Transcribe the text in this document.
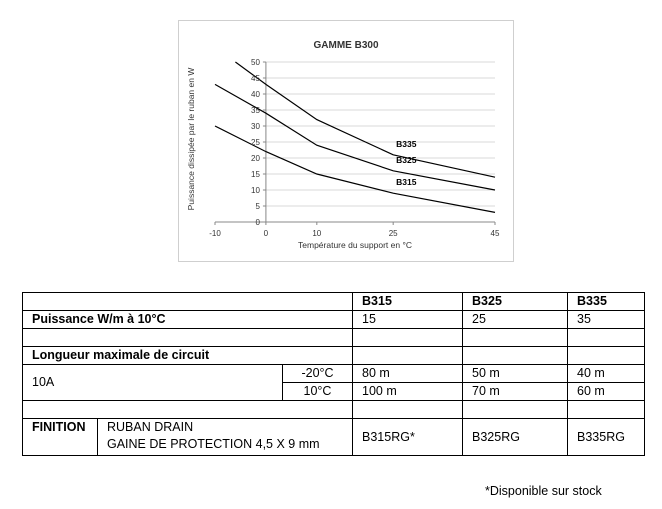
0
5
10
15
20
25
30
35
40
45
50
-10	0	10	25	45
B335
B325
B315
GAMME B300
Température du support en °C
Puissance dissipée par le ruban en W
			B315	B325	B335
Puissance W/m à 10°C			15	25	35

Longueur maximale de circuit					
10A		-20°C	80 m	50 m	40 m
		10°C	100 m	70 m	60 m

FINITION	RUBAN DRAIN
GAINE DE PROTECTION 4,5 X 9 mm		B315RG*	B325RG	B335RG
*Disponible sur stock
